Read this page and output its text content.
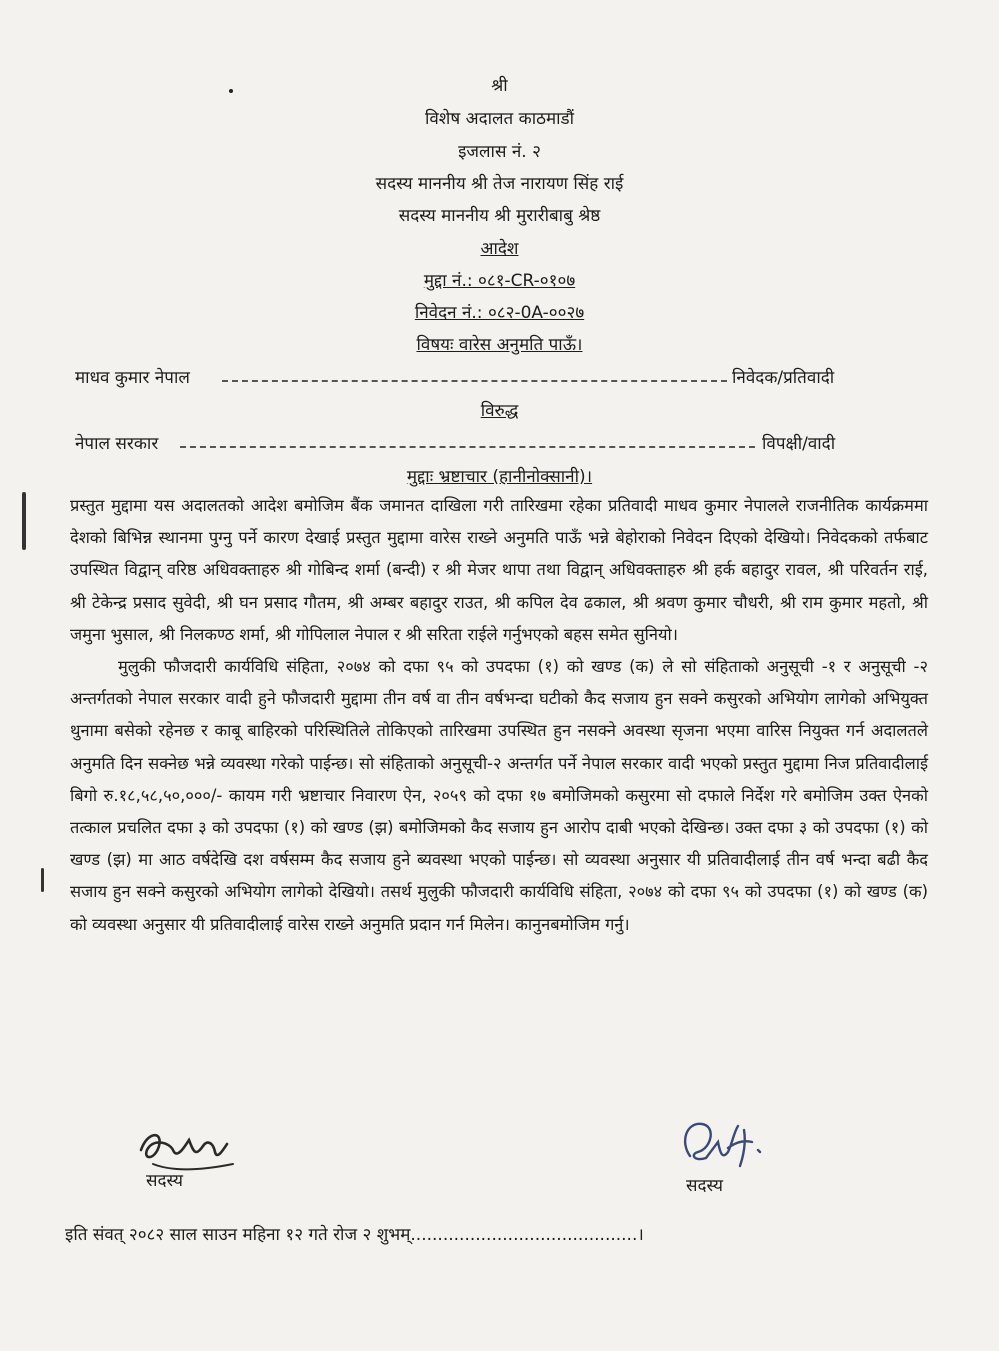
श्री
विशेष अदालत काठमाडौं
इजलास नं. २
सदस्य माननीय श्री तेज नारायण सिंह राई
सदस्य माननीय श्री मुरारीबाबु श्रेष्ठ
आदेश
मुद्दा नं.: ०८१-CR-०१०७
निवेदन नं.: ०८२-0A-००२७
विषयः वारेस अनुमति पाऊँ।
माधव कुमार नेपाल	निवेदक/प्रतिवादी
विरुद्ध
नेपाल सरकार	विपक्षी/वादी
मुद्दाः भ्रष्टाचार (हानीनोक्सानी)।

प्रस्तुत मुद्दामा यस अदालतको आदेश बमोजिम बैंक जमानत दाखिला गरी तारिखमा रहेका प्रतिवादी माधव कुमार नेपालले राजनीतिक कार्यक्रममा देशको बिभिन्न स्थानमा पुग्नु पर्ने कारण देखाई प्रस्तुत मुद्दामा वारेस राख्ने अनुमति पाऊँ भन्ने बेहोराको निवेदन दिएको देखियो। निवेदकको तर्फबाट उपस्थित विद्वान् वरिष्ठ अधिवक्ताहरु श्री गोबिन्द शर्मा (बन्दी) र श्री मेजर थापा तथा विद्वान् अधिवक्ताहरु श्री हर्क बहादुर रावल, श्री परिवर्तन राई, श्री टेकेन्द्र प्रसाद सुवेदी, श्री घन प्रसाद गौतम, श्री अम्बर बहादुर राउत, श्री कपिल देव ढकाल, श्री श्रवण कुमार चौधरी, श्री राम कुमार महतो, श्री जमुना भुसाल, श्री निलकण्ठ शर्मा, श्री गोपिलाल नेपाल र श्री सरिता राईले गर्नुभएको बहस समेत सुनियो।

मुलुकी फौजदारी कार्यविधि संहिता, २०७४ को दफा ९५ को उपदफा (१) को खण्ड (क) ले सो संहिताको अनुसूची -१ र अनुसूची -२ अन्तर्गतको नेपाल सरकार वादी हुने फौजदारी मुद्दामा तीन वर्ष वा तीन वर्षभन्दा घटीको कैद सजाय हुन सक्ने कसुरको अभियोग लागेको अभियुक्त थुनामा बसेको रहेनछ र काबू बाहिरको परिस्थितिले तोकिएको तारिखमा उपस्थित हुन नसक्ने अवस्था सृजना भएमा वारिस नियुक्त गर्न अदालतले अनुमति दिन सक्नेछ भन्ने व्यवस्था गरेको पाईन्छ। सो संहिताको अनुसूची-२ अन्तर्गत पर्ने नेपाल सरकार वादी भएको प्रस्तुत मुद्दामा निज प्रतिवादीलाई बिगो रु.१८,५८,५०,०००/- कायम गरी भ्रष्टाचार निवारण ऐन, २०५९ को दफा १७ बमोजिमको कसुरमा सो दफाले निर्देश गरे बमोजिम उक्त ऐनको तत्काल प्रचलित दफा ३ को उपदफा (१) को खण्ड (झ) बमोजिमको कैद सजाय हुन आरोप दाबी भएको देखिन्छ। उक्त दफा ३ को उपदफा (१) को खण्ड (झ) मा आठ वर्षदेखि दश वर्षसम्म कैद सजाय हुने ब्यवस्था भएको पाईन्छ। सो व्यवस्था अनुसार यी प्रतिवादीलाई तीन वर्ष भन्दा बढी कैद सजाय हुन सक्ने कसुरको अभियोग लागेको देखियो। तसर्थ मुलुकी फौजदारी कार्यविधि संहिता, २०७४ को दफा ९५ को उपदफा (१) को खण्ड (क) को व्यवस्था अनुसार यी प्रतिवादीलाई वारेस राख्ने अनुमति प्रदान गर्न मिलेन। कानुनबमोजिम गर्नु।

सदस्य	सदस्य
इति संवत् २०८२ साल साउन महिना १२ गते रोज २ शुभम्..........................................।
